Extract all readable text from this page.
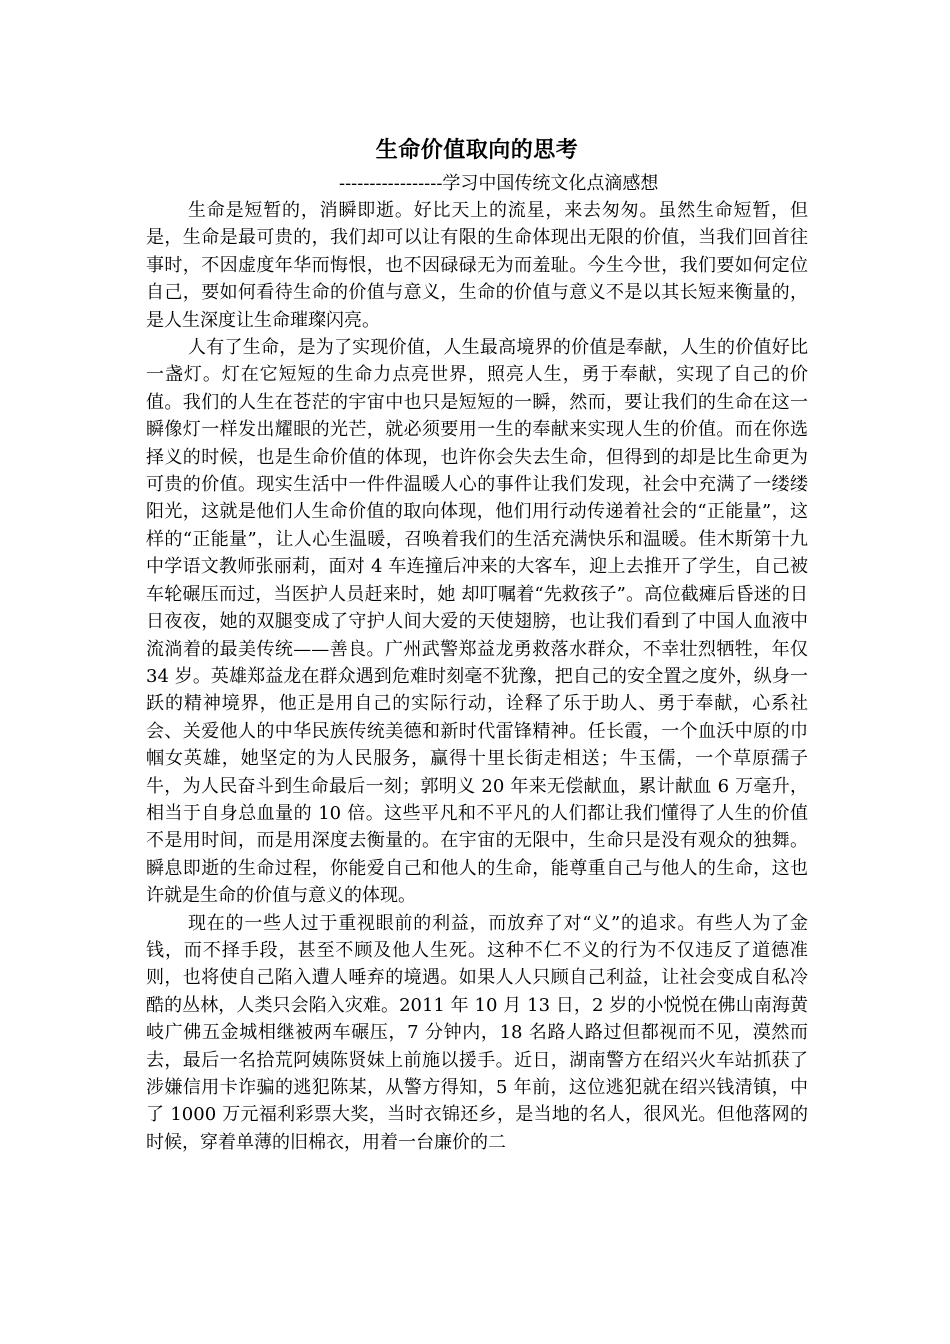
生命价值取向的思考

-----------------学习中国传统文化点滴感想

生命是短暂的，消瞬即逝。好比天上的流星，来去匆匆。虽然生命短暂，但是，生命是最可贵的，我们却可以让有限的生命体现出无限的价值，当我们回首往事时，不因虚度年华而悔恨，也不因碌碌无为而羞耻。今生今世，我们要如何定位自己，要如何看待生命的价值与意义，生命的价值与意义不是以其长短来衡量的，是人生深度让生命璀璨闪亮。

人有了生命，是为了实现价值，人生最高境界的价值是奉献，人生的价值好比一盏灯。灯在它短短的生命力点亮世界，照亮人生，勇于奉献，实现了自己的价值。我们的人生在苍茫的宇宙中也只是短短的一瞬，然而，要让我们的生命在这一瞬像灯一样发出耀眼的光芒，就必须要用一生的奉献来实现人生的价值。而在你选择义的时候，也是生命价值的体现，也许你会失去生命，但得到的却是比生命更为可贵的价值。现实生活中一件件温暖人心的事件让我们发现，社会中充满了一缕缕阳光，这就是他们人生命价值的取向体现，他们用行动传递着社会的“正能量”，这样的“正能量”，让人心生温暖，召唤着我们的生活充满快乐和温暖。佳木斯第十九中学语文教师张丽莉，面对 4 车连撞后冲来的大客车，迎上去推开了学生，自己被车轮碾压而过，当医护人员赶来时，她 却叮嘱着“先救孩子”。高位截瘫后昏迷的日日夜夜，她的双腿变成了守护人间大爱的天使翅膀，也让我们看到了中国人血液中流淌着的最美传统——善良。广州武警郑益龙勇救落水群众，不幸壮烈牺牲，年仅 34 岁。英雄郑益龙在群众遇到危难时刻毫不犹豫，把自己的安全置之度外，纵身一跃的精神境界，他正是用自己的实际行动，诠释了乐于助人、勇于奉献，心系社会、关爱他人的中华民族传统美德和新时代雷锋精神。任长霞，一个血沃中原的巾帼女英雄，她坚定的为人民服务，赢得十里长街走相送；牛玉儒，一个草原孺子牛，为人民奋斗到生命最后一刻；郭明义 20 年来无偿献血，累计献血 6 万毫升，相当于自身总血量的 10 倍。这些平凡和不平凡的人们都让我们懂得了人生的价值不是用时间，而是用深度去衡量的。在宇宙的无限中，生命只是没有观众的独舞。瞬息即逝的生命过程，你能爱自己和他人的生命，能尊重自己与他人的生命，这也许就是生命的价值与意义的体现。

现在的一些人过于重视眼前的利益，而放弃了对“义”的追求。有些人为了金钱，而不择手段，甚至不顾及他人生死。这种不仁不义的行为不仅违反了道德准则，也将使自己陷入遭人唾弃的境遇。如果人人只顾自己利益，让社会变成自私冷酷的丛林，人类只会陷入灾难。2011 年 10 月 13 日，2 岁的小悦悦在佛山南海黄岐广佛五金城相继被两车碾压，7 分钟内，18 名路人路过但都视而不见，漠然而去，最后一名拾荒阿姨陈贤妹上前施以援手。近日，湖南警方在绍兴火车站抓获了涉嫌信用卡诈骗的逃犯陈某，从警方得知，5 年前，这位逃犯就在绍兴钱清镇，中了 1000 万元福利彩票大奖，当时衣锦还乡，是当地的名人，很风光。但他落网的时候，穿着单薄的旧棉衣，用着一台廉价的二
